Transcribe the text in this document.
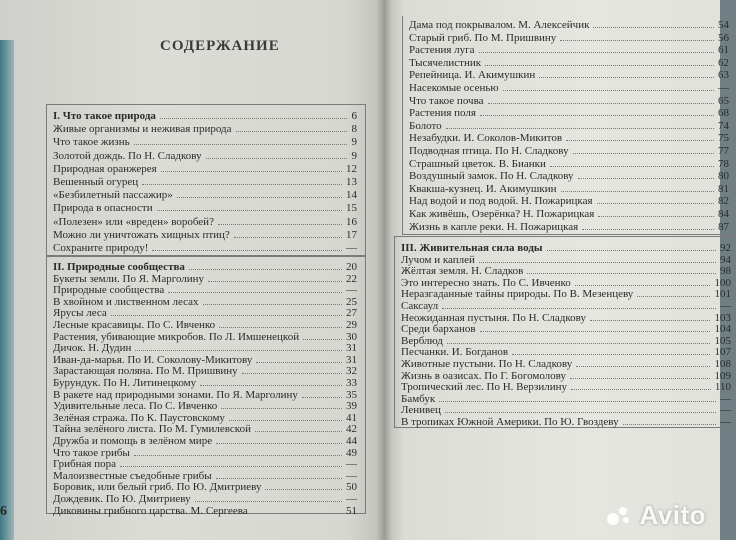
СОДЕРЖАНИЕ
I. Что такое природа	6
Живые организмы и неживая природа	8
Что такое жизнь	9
Золотой дождь. По Н. Сладкову	9
Природная оранжерея	12
Вешенный огурец	13
«Безбилетный пассажир»	14
Природа в опасности	15
«Полезен» или «вреден» воробей?	16
Можно ли уничтожать хищных птиц?	17
Сохраните природу!	—
II. Природные сообщества	20
Букеты земли. По Я. Марголину	22
Природные сообщества	—
В хвойном и лиственном лесах	25
Ярусы леса	27
Лесные красавицы. По С. Ивченко	29
Растения, убивающие микробов. По Л. Имшенецкой	30
Дичок. Н. Дудин	31
Иван-да-марья. По И. Соколову-Микитову	31
Зарастающая поляна. По М. Пришвину	32
Бурундук. По Н. Литинецкому	33
В ракете над природными зонами. По Я. Марголину	35
Удивительные леса. По С. Ивченко	39
Зелёная стража. По К. Паустовскому	41
Тайна зелёного листа. По М. Гумилевской	42
Дружба и помощь в зелёном мире	44
Что такое грибы	49
Грибная пора	—
Малоизвестные съедобные грибы	—
Боровик, или белый гриб. По Ю. Дмитриеву	50
Дождевик. По Ю. Дмитриеву	—
Диковины грибного царства. М. Сергеева	51
6
Дама под покрывалом. М. Алексейчик	54
Старый гриб. По М. Пришвину	56
Растения луга	61
Тысячелистник	62
Репейница. И. Акимушкин	63
Насекомые осенью	—
Что такое почва	65
Растения поля	68
Болото	74
Незабудки. И. Соколов-Микитов	75
Подводная птица. По Н. Сладкову	77
Страшный цветок. В. Бианки	78
Воздушный замок. По Н. Сладкову	80
Квакша-кузнец. И. Акимушкин	81
Над водой и под водой. Н. Пожарицкая	82
Как живёшь, Озерёнка? Н. Пожарицкая	84
Жизнь в капле реки. Н. Пожарицкая	87
III. Живительная сила воды	92
Лучом и каплей	94
Жёлтая земля. Н. Сладков	98
Это интересно знать. По С. Ивченко	100
Неразгаданные тайны природы. По В. Мезенцеву	101
Саксаул	—
Неожиданная пустыня. По Н. Сладкову	103
Среди барханов	104
Верблюд	105
Песчанки. И. Богданов	107
Животные пустыни. По Н. Сладкову	108
Жизнь в оазисах. По Г. Богомолову	109
Тропический лес. По Н. Верзилину	110
Бамбук	—
Ленивец	—
В тропиках Южной Америки. По Ю. Гвоздеву	—
Avito
